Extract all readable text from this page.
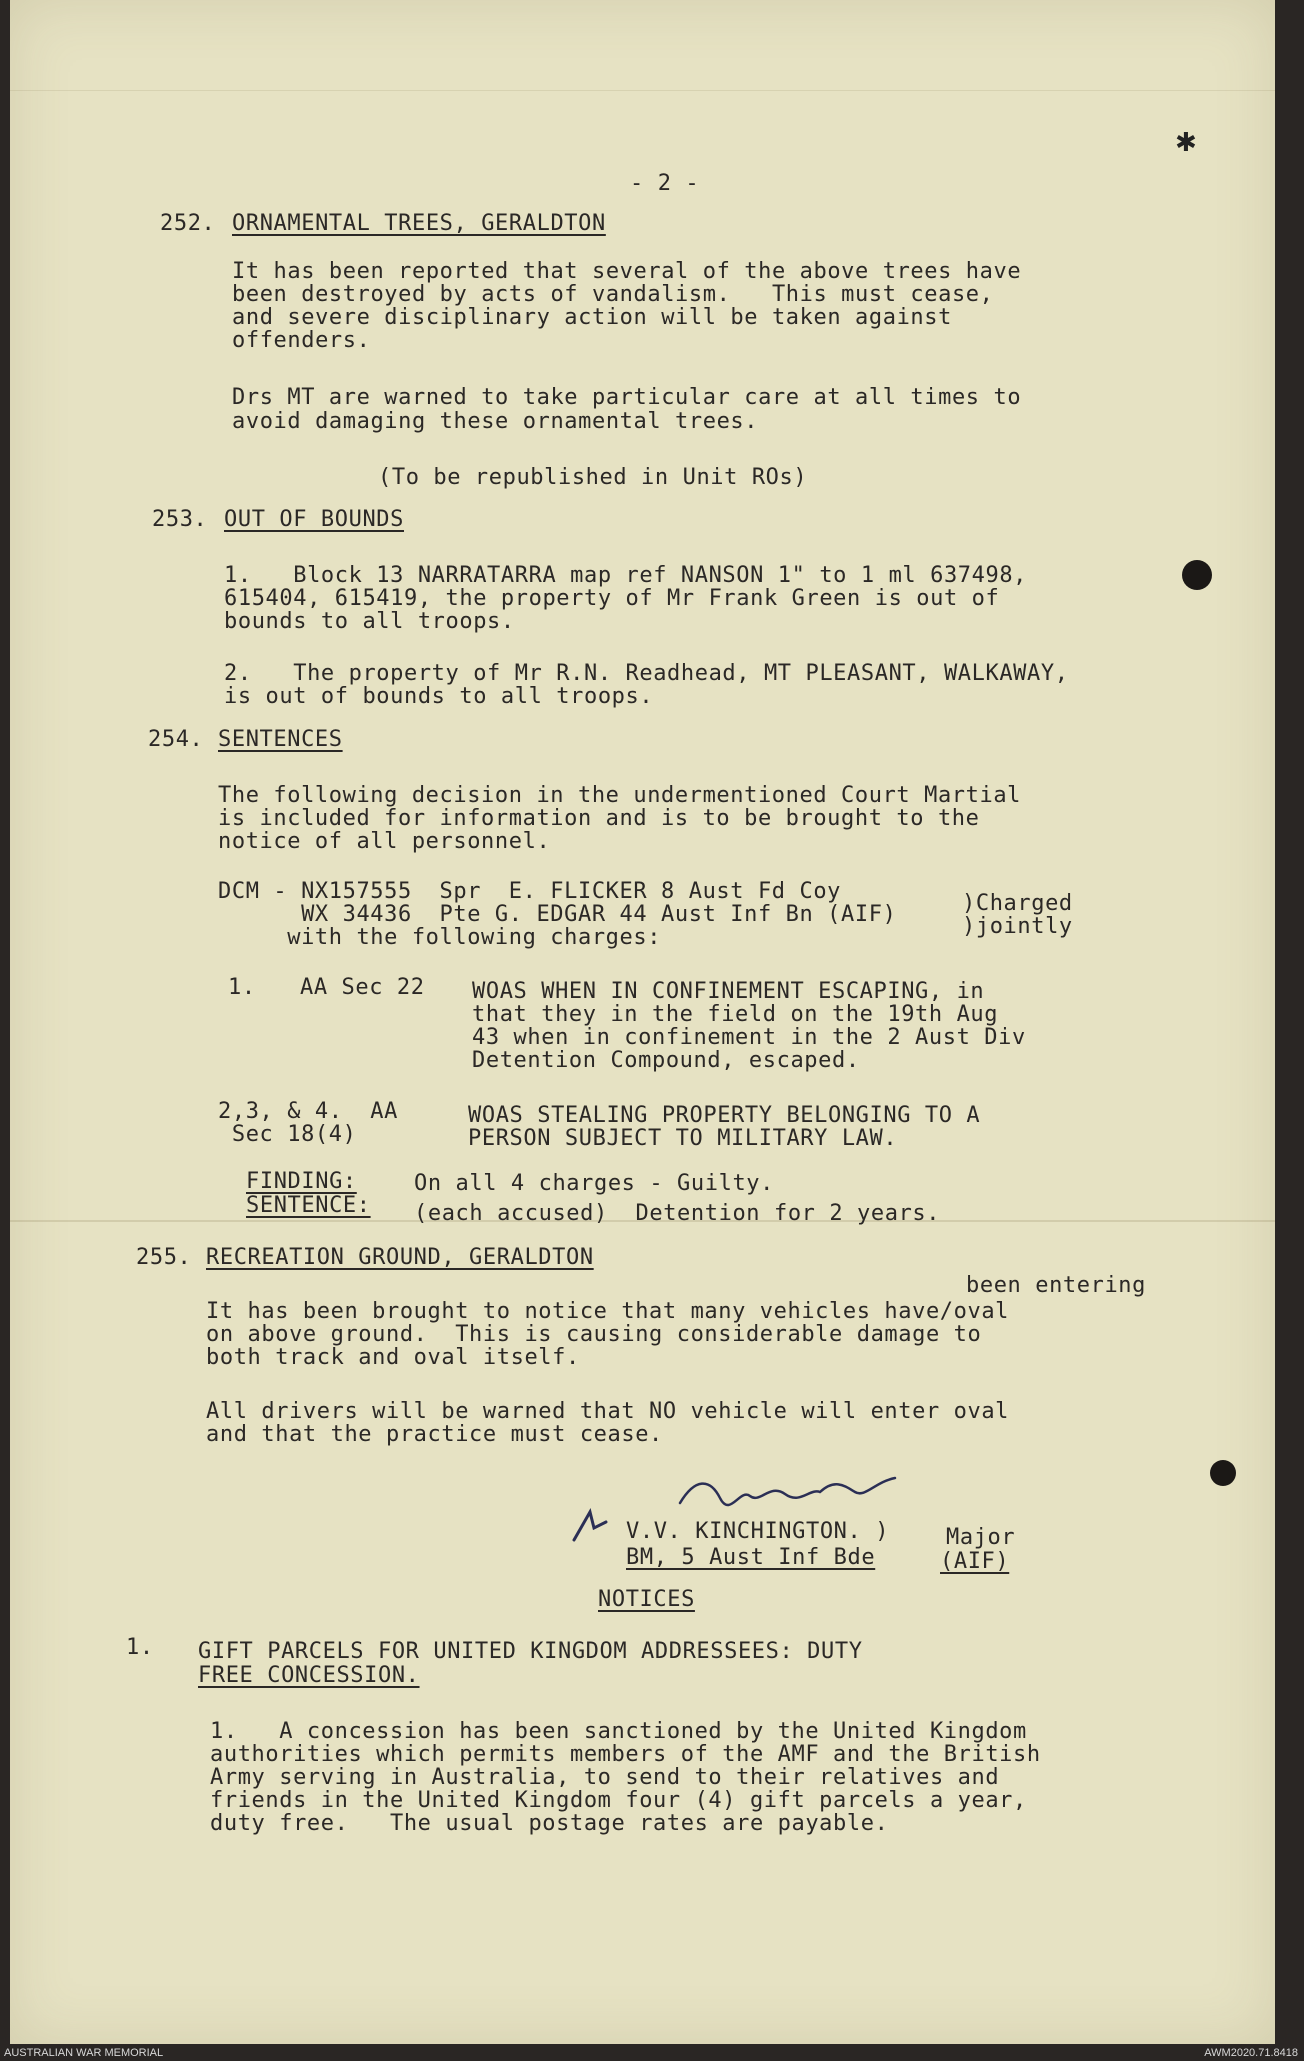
✱
- 2 -
252. ORNAMENTAL TREES, GERALDTON
It has been reported that several of the above trees have
been destroyed by acts of vandalism.   This must cease,
and severe disciplinary action will be taken against
offenders.
Drs MT are warned to take particular care at all times to
avoid damaging these ornamental trees.
(To be republished in Unit ROs)
253. OUT OF BOUNDS
1.   Block 13 NARRATARRA map ref NANSON 1" to 1 ml 637498,
615404, 615419, the property of Mr Frank Green is out of
bounds to all troops.
2.   The property of Mr R.N. Readhead, MT PLEASANT, WALKAWAY,
is out of bounds to all troops.
254. SENTENCES
The following decision in the undermentioned Court Martial
is included for information and is to be brought to the
notice of all personnel.
DCM - NX157555  Spr  E. FLICKER 8 Aust Fd Coy
WX 34436  Pte G. EDGAR 44 Aust Inf Bn (AIF)
with the following charges:
)Charged
)jointly
1. AA Sec 22 WOAS WHEN IN CONFINEMENT ESCAPING, in
that they in the field on the 19th Aug
43 when in confinement in the 2 Aust Div
Detention Compound, escaped.
2,3, & 4.  AA
Sec 18(4)
WOAS STEALING PROPERTY BELONGING TO A
PERSON SUBJECT TO MILITARY LAW.
FINDING:	On all 4 charges - Guilty.
SENTENCE: (each accused)  Detention for 2 years.
255. RECREATION GROUND, GERALDTON
been entering
It has been brought to notice that many vehicles have/oval
on above ground.  This is causing considerable damage to
both track and oval itself.
All drivers will be warned that NO vehicle will enter oval
and that the practice must cease.
V.V. KINCHINGTON. )	Major
BM, 5 Aust Inf Bde	(AIF)
NOTICES
1. GIFT PARCELS FOR UNITED KINGDOM ADDRESSEES: DUTY
FREE CONCESSION.
1.   A concession has been sanctioned by the United Kingdom
authorities which permits members of the AMF and the British
Army serving in Australia, to send to their relatives and
friends in the United Kingdom four (4) gift parcels a year,
duty free.   The usual postage rates are payable.
AUSTRALIAN WAR MEMORIAL	AWM2020.71.8418
